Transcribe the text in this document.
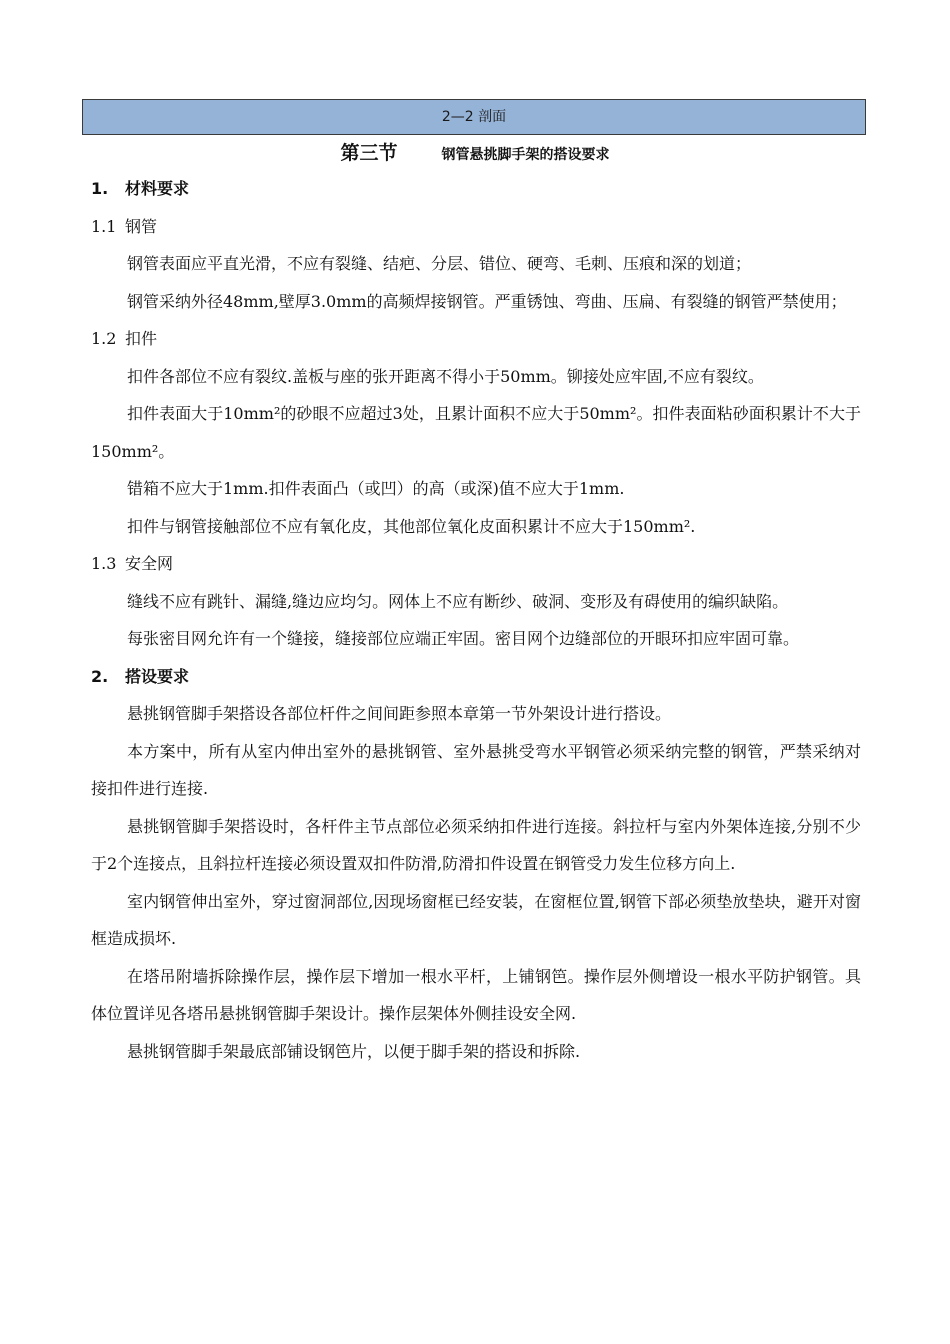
2—2 剖面
第三节	钢管悬挑脚手架的搭设要求
1. 材料要求
1.1 钢管

钢管表面应平直光滑，不应有裂缝、结疤、分层、错位、硬弯、毛刺、压痕和深的划道；

钢管采纳外径48mm,壁厚3.0mm的高频焊接钢管。严重锈蚀、弯曲、压扁、有裂缝的钢管严禁使用；

1.2 扣件

扣件各部位不应有裂纹.盖板与座的张开距离不得小于50mm。铆接处应牢固,不应有裂纹。

扣件表面大于10mm²的砂眼不应超过3处，且累计面积不应大于50mm²。扣件表面粘砂面积累计不大于150mm²。

错箱不应大于1mm.扣件表面凸（或凹）的高（或深)值不应大于1mm.

扣件与钢管接触部位不应有氧化皮，其他部位氧化皮面积累计不应大于150mm².

1.3 安全网

缝线不应有跳针、漏缝,缝边应均匀。网体上不应有断纱、破洞、变形及有碍使用的编织缺陷。

每张密目网允许有一个缝接，缝接部位应端正牢固。密目网个边缝部位的开眼环扣应牢固可靠。

2. 搭设要求

悬挑钢管脚手架搭设各部位杆件之间间距参照本章第一节外架设计进行搭设。

本方案中，所有从室内伸出室外的悬挑钢管、室外悬挑受弯水平钢管必须采纳完整的钢管，严禁采纳对接扣件进行连接.

悬挑钢管脚手架搭设时，各杆件主节点部位必须采纳扣件进行连接。斜拉杆与室内外架体连接,分别不少于2个连接点，且斜拉杆连接必须设置双扣件防滑,防滑扣件设置在钢管受力发生位移方向上.

室内钢管伸出室外，穿过窗洞部位,因现场窗框已经安装，在窗框位置,钢管下部必须垫放垫块，避开对窗框造成损坏.

在塔吊附墙拆除操作层，操作层下增加一根水平杆，上铺钢笆。操作层外侧增设一根水平防护钢管。具体位置详见各塔吊悬挑钢管脚手架设计。操作层架体外侧挂设安全网.

悬挑钢管脚手架最底部铺设钢笆片，以便于脚手架的搭设和拆除.
